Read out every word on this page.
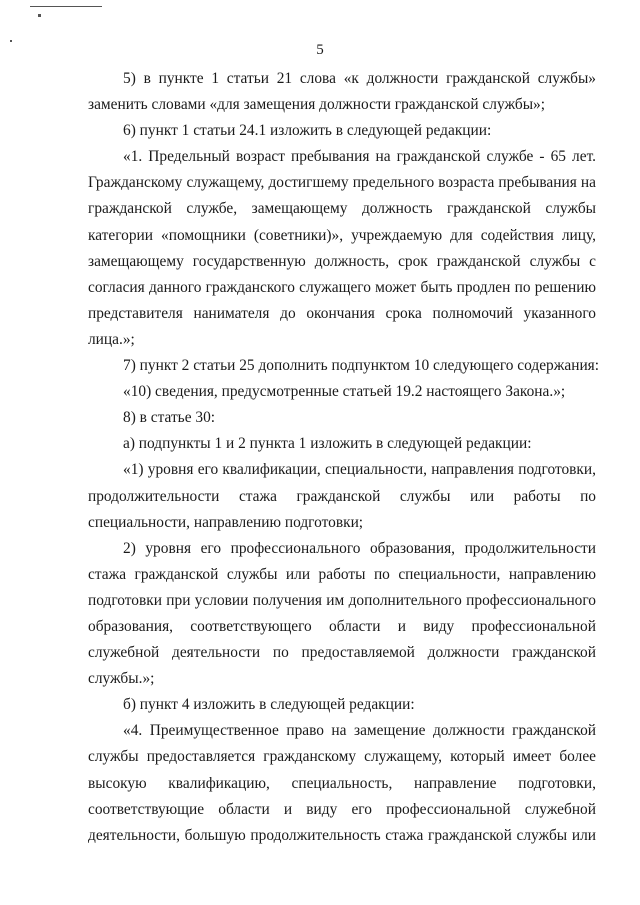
5
5) в пункте 1 статьи 21 слова «к должности гражданской службы»
заменить словами «для замещения должности гражданской службы»;
6) пункт 1 статьи 24.1 изложить в следующей редакции:
«1. Предельный возраст пребывания на гражданской службе - 65 лет.
Гражданскому служащему, достигшему предельного возраста пребывания на
гражданской службе, замещающему должность гражданской службы
категории «помощники (советники)», учреждаемую для содействия лицу,
замещающему государственную должность, срок гражданской службы с
согласия данного гражданского служащего может быть продлен по решению
представителя нанимателя до окончания срока полномочий указанного
лица.»;
7) пункт 2 статьи 25 дополнить подпунктом 10 следующего содержания:
«10) сведения, предусмотренные статьей 19.2 настоящего Закона.»;
8) в статье 30:
а) подпункты 1 и 2 пункта 1 изложить в следующей редакции:
«1) уровня его квалификации, специальности, направления подготовки,
продолжительности стажа гражданской службы или работы по
специальности, направлению подготовки;
2) уровня его профессионального образования, продолжительности
стажа гражданской службы или работы по специальности, направлению
подготовки при условии получения им дополнительного профессионального
образования, соответствующего области и виду профессиональной
служебной деятельности по предоставляемой должности гражданской
службы.»;
б) пункт 4 изложить в следующей редакции:
«4. Преимущественное право на замещение должности гражданской
службы предоставляется гражданскому служащему, который имеет более
высокую квалификацию, специальность, направление подготовки,
соответствующие области и виду его профессиональной служебной
деятельности, большую продолжительность стажа гражданской службы или
